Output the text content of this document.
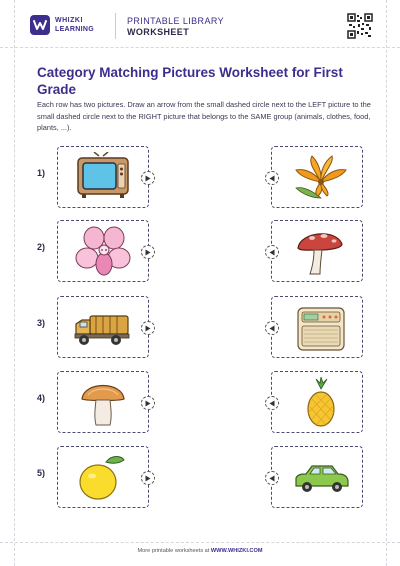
WHIZKI
LEARNING
PRINTABLE LIBRARY
WORKSHEET
Category Matching Pictures Worksheet for First Grade
Each row has two pictures. Draw an arrow from the small dashed circle next to the LEFT picture to the small dashed circle next to the RIGHT picture that belongs to the SAME group (animals, clothes, food, plants, ...).
1)
2)
3)
4)
5)
More printable worksheets at WWW.WHIZKI.COM
